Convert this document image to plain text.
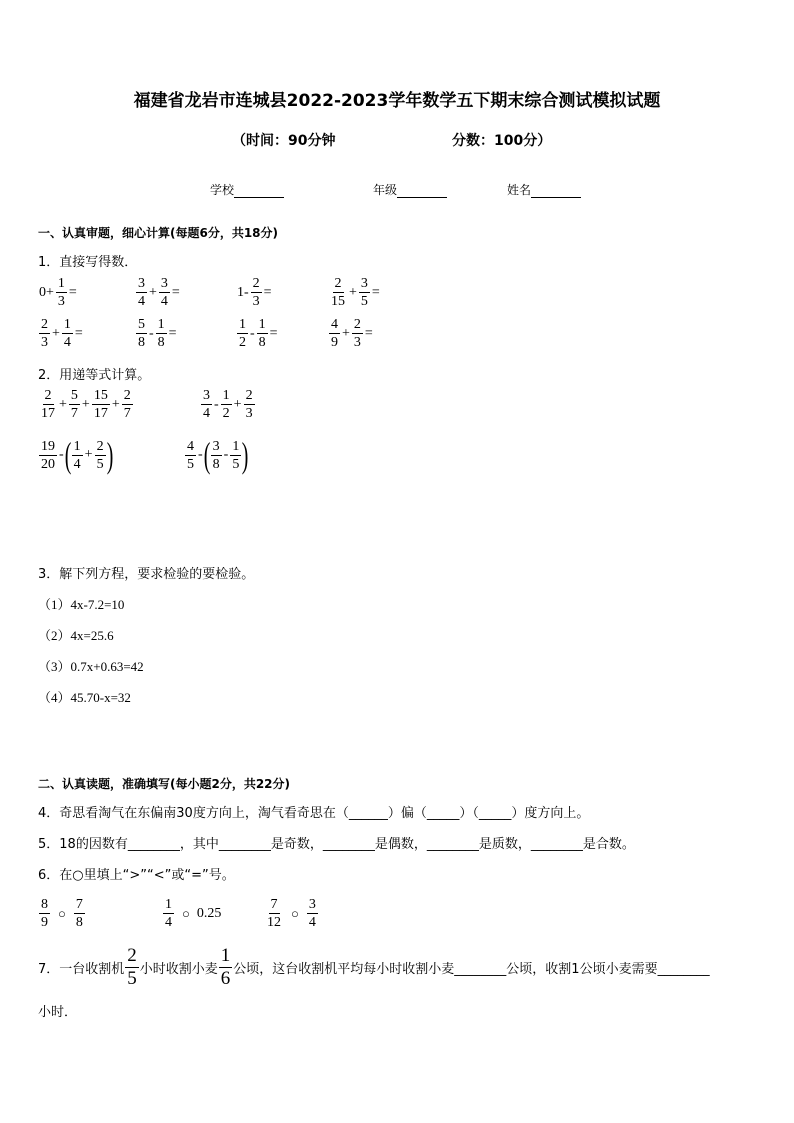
福建省龙岩市连城县2022-2023学年数学五下期末综合测试模拟试题
（时间：90分钟	分数：100分）
学校	年级	姓名
一、认真审题，细心计算(每题6分，共18分)
1．直接写得数．
$0+ \frac{1}{3}$ =	$\frac{3}{4} + \frac{3}{4}$ =	$1- \frac{2}{3}$ =	$\frac{2}{15} + \frac{3}{5}$ =
$\frac{2}{3} + \frac{1}{4}$ =	$\frac{5}{8} - \frac{1}{8}$ =	$\frac{1}{2} - \frac{1}{8}$ =	$\frac{4}{9} + \frac{2}{3}$ =
2．用递等式计算。
$\frac{2}{17} + \frac{5}{7} + \frac{15}{17} + \frac{2}{7}$	$\frac{3}{4} - \frac{1}{2} + \frac{2}{3}$
$\frac{19}{20}$ - ( $\frac{1}{4} + \frac{2}{5}$ )	$\frac{4}{5}$ - ( $\frac{3}{8} - \frac{1}{5}$ )
3．解下列方程，要求检验的要检验。
（1）4x-7.2=10
（2）4x=25.6
（3）0.7x+0.63=42
（4）45.70-x=32
二、认真读题，准确填写(每小题2分，共22分)
4．奇思看淘气在东偏南30度方向上，淘气看奇思在（______）偏（_____）（_____）度方向上。
5．18的因数有________，其中________是奇数，________是偶数，________是质数，________是合数。
6．在○里填上“>”“<”或“=”号。
$\frac{8}{9}$ ○ $\frac{7}{8}$	$\frac{1}{4}$ ○ 0.25	$\frac{7}{12}$ ○ $\frac{3}{4}$
7．一台收割机 $\frac{2}{5}$ 小时收割小麦 $\frac{1}{6}$ 公顷，这台收割机平均每小时收割小麦________公顷，收割1公顷小麦需要________
小时．
